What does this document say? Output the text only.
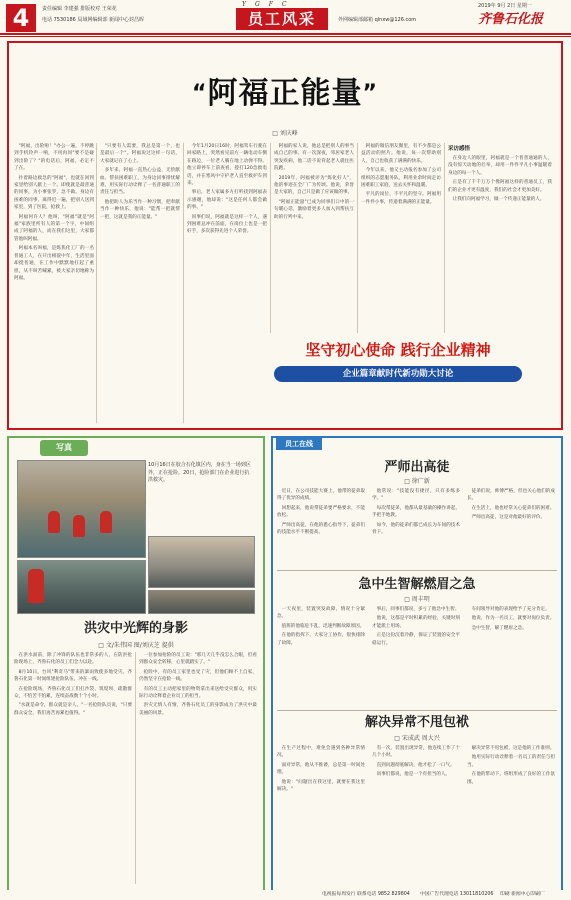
4	责任编辑 李建强 排版校对 王荣花
电话 7530186 局域网编辑部 新闻中心封昌晖
YGFC
员工风采	外网编辑部邮箱 qlnxw@126.com
2019年 9月 2日 星期一
齐鲁石化报
“阿福正能量”
□ 刘庆峰

"阿福，出险啦！"办公一遍，不停跳到手机铃声一响，不用再同"要不是碰到出险了？"的电话后，阿福，必定不了在。

扑着路边救急的"阿福"，也就在回到家里给别人献上一个。即使就是最普通的同事，为小事张罗，急不做。身边有困难的同事，离得近一遍，把别人送到家里，到了医院，抢救上。

阿福何许人？他叫，"阿福"就是"阿福"家族里所有人的第一个字，中间组成了阿福的人，而在我们这里，大家都管他叫阿福。

阿福本名叫福，是炼焦化工厂的一名普通工人，在开出相貌中年，生活里面却挺普通，在工作中默默地扛起了重担，从不叫苦喊累，被大家亲切地称为阿福。

"只要有人需要，我总是第一个，也是最后一个"。阿福说过这样一句话，大家就记在了心上。

多年来，阿福一直热心公益，无偿献血、帮扶困难职工，为身边同事排忧解难，用实际行动诠释了一名普通职工的责任与担当。

他把助人为乐当作一种习惯，把奉献当作一种快乐，他说："能帮一把就帮一把，这就是我的正能量。"

今年1月20日16时，阿福驾车行驶在回家路上，突然看见前方一辆电动车倒在路边，一位老人躺在地上动弹不得。他立即停车上前查看，拨打120急救电话，并在寒风中守护老人直至救护车到来。

事后，老人家属多方打听找到阿福表示感谢，他却说："这是任何人都会做的事。"

同事们说，阿福就是这样一个人，遇到困难总冲在前面，在岗位上也是一把好手，多次获得先进个人荣誉。

阿福的家人说，他总是把别人的事当成自己的事。有一次深夜，邻居家老人突发疾病，他二话不说背起老人就往医院跑。

2019年，阿福被评为"炼化好人"，他的事迹在全厂广为传颂。他说，荣誉是大家的，自己只是做了应该做的事。

"阿福正能量"已成为同事们口中的一句暖心话，激励着更多人加入到帮扶互助的行列中来。

阿福的微信朋友圈里，有不少都是公益活动的照片。他说，每一次帮助别人，自己也收获了满满的快乐。

今年以来，他又主动报名参加了公司组织的志愿服务队，利用业余时间走访困难职工家庭，送去关怀和温暖。

平凡的岗位，不平凡的坚守。阿福用一件件小事，传递着满满的正能量。

采访感悟

在身边人的眼里，阿福就是一个普普通通的人，没有惊天动地的壮举，却用一件件平凡小事温暖着身边的每一个人。

正是有了千千万万个像阿福这样的普通员工，我们的企业才更有温度，我们的社会才更加美好。

让我们向阿福学习，做一个传递正能量的人。

坚守初心使命 践行企业精神
企业篇章献时代新功勋大讨论
写真
10月16日在胶合石化镇区内，身在当一场到区外，正在抢险。20日，抢险部门在企业进行抗洪救灾。
洪灾中光辉的身影
□ 文/朱伟国 图/刘庆芝 提供

在洪水面前，除了冲锋的队伍也非常多的人，在防洪抢险现场上，齐鲁石化的员工们全力以赴。

8月10日，台风"利奇马"带来的暴雨致使多地受灾。齐鲁石化第一时间组建抢险队伍，冲在一线。

在抢险现场，齐鲁石化员工们扛沙袋、筑堤坝、疏散群众，不怕苦不怕累，连续奋战数十个小时。

"水就是命令，群众就是亲人。"一名抢险队员说，"只要群众安全，我们再苦再累也值得。"

一位参加抢险的员工说："那几天几乎没怎么合眼，但看到群众安全转移，心里就踏实了。"

抢险中，有的员工家里也受了灾，但他们顾不上自家，仍然坚守在抢险一线。

有的员工主动把家里的物资拿出来送给受灾群众，用实际行动诠释着企业员工的担当。

洪灾无情人有情，齐鲁石化员工的身影成为了洪灾中最美丽的风景。

员工在线
严师出高徒
□ 徐广新

近日，在公司技能大赛上，他带的徒弟取得了优异的成绩。

回想起来，他说带徒弟要严格要求，不能放松。

严师出高徒，在他的悉心指导下，徒弟们的技能水平不断提高。

他常说："技能没有捷径，只有多练多学。"

每次带徒弟，他都从最基础的操作讲起，手把手地教。

如今，他的徒弟们都已成长为车间的技术骨干。

徒弟们说，师傅严格，但也关心他们的成长。

在生活上，他也经常关心徒弟们的困难。

严师出高徒，这是对他最好的评价。

急中生智解燃眉之急
□ 周丰明

一天夜里，装置突发故障，情况十分紧急。

值班的他临危不乱，迅速判断故障原因。

在他的指挥下，大家分工协作，很快排除了故障。

事后，同事们都说，多亏了他急中生智。

他说，这都是平时积累的经验，关键时刻才能派上用场。

正是这份沉着冷静，保证了装置的安全平稳运行。

车间领导对他的表现给予了充分肯定。

他说，作为一名员工，就要对岗位负责。

急中生智，解了燃眉之急。

解决异常不甩包袱
□ 宋成武 周大兴

在生产过程中，难免会遇到各种异常情况。

面对异常，他从不推诿，总是第一时间处理。

他说："问题出在我这里，就要在我这里解决。"

有一次，装置出现异常，他连续工作了十几个小时。

直到问题彻底解决，他才松了一口气。

同事们都说，他是一个有担当的人。

解决异常不甩包袱，这是他的工作准则。

他用实际行动诠释着一名员工的责任与担当。

在他的带动下，班组形成了良好的工作氛围。

电视报每周发行 联系电话 9852 829804 中国广告代理电话 13011810206 印刷 新闻中心印刷厂
